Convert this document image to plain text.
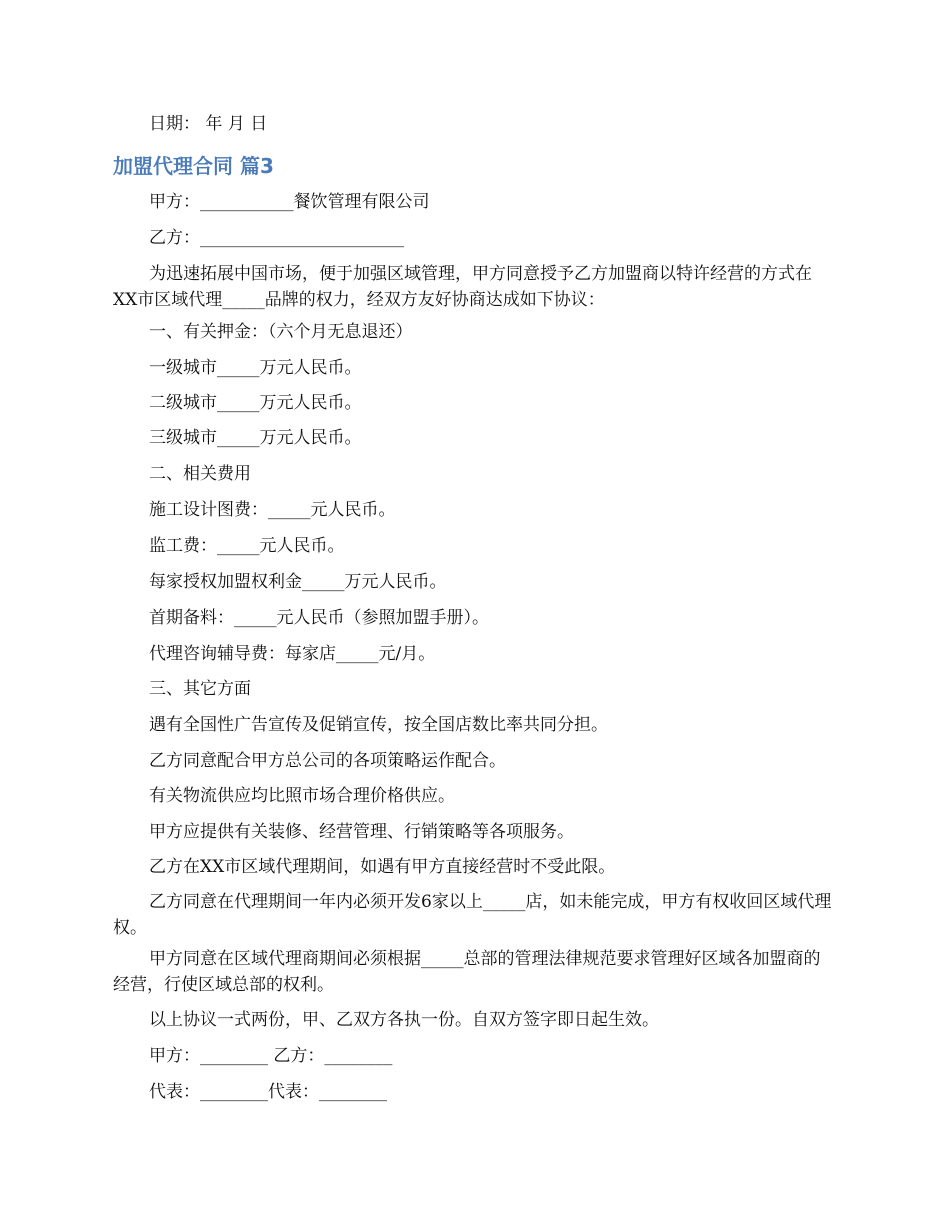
日期： 年 月 日
加盟代理合同 篇3
甲方：___________餐饮管理有限公司
乙方：________________________
为迅速拓展中国市场，便于加强区域管理，甲方同意授予乙方加盟商以特许经营的方式在XX市区域代理_____品牌的权力，经双方友好协商达成如下协议：
一、有关押金：（六个月无息退还）
一级城市_____万元人民币。
二级城市_____万元人民币。
三级城市_____万元人民币。
二、相关费用
施工设计图费：_____元人民币。
监工费：_____元人民币。
每家授权加盟权利金_____万元人民币。
首期备料：_____元人民币（参照加盟手册）。
代理咨询辅导费：每家店_____元/月。
三、其它方面
遇有全国性广告宣传及促销宣传，按全国店数比率共同分担。
乙方同意配合甲方总公司的各项策略运作配合。
有关物流供应均比照市场合理价格供应。
甲方应提供有关装修、经营管理、行销策略等各项服务。
乙方在XX市区域代理期间，如遇有甲方直接经营时不受此限。
乙方同意在代理期间一年内必须开发6家以上_____店，如未能完成，甲方有权收回区域代理权。
甲方同意在区域代理商期间必须根据_____总部的管理法律规范要求管理好区域各加盟商的经营，行使区域总部的权利。
以上协议一式两份，甲、乙双方各执一份。自双方签字即日起生效。
甲方：________ 乙方：________
代表：________代表：________
